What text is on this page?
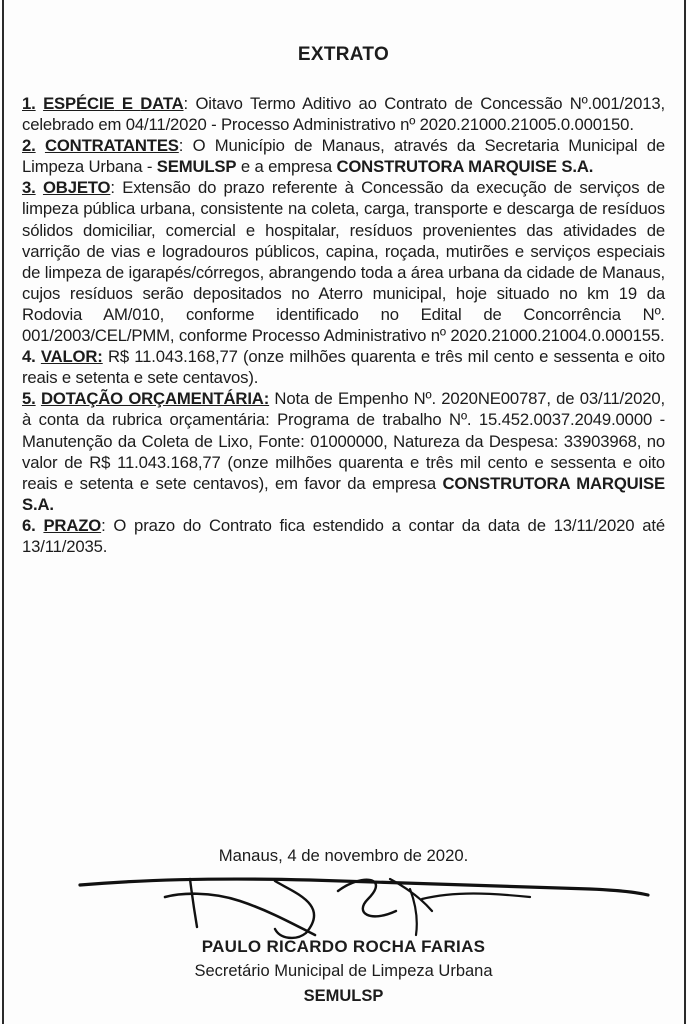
EXTRATO

1. ESPÉCIE E DATA: Oitavo Termo Aditivo ao Contrato de Concessão Nº.001/2013, celebrado em 04/11/2020 - Processo Administrativo nº 2020.21000.21005.0.000150.

2. CONTRATANTES: O Município de Manaus, através da Secretaria Municipal de Limpeza Urbana - SEMULSP e a empresa CONSTRUTORA MARQUISE S.A.

3. OBJETO: Extensão do prazo referente à Concessão da execução de serviços de limpeza pública urbana, consistente na coleta, carga, transporte e descarga de resíduos sólidos domiciliar, comercial e hospitalar, resíduos provenientes das atividades de varrição de vias e logradouros públicos, capina, roçada, mutirões e serviços especiais de limpeza de igarapés/córregos, abrangendo toda a área urbana da cidade de Manaus, cujos resíduos serão depositados no Aterro municipal, hoje situado no km 19 da Rodovia AM/010, conforme identificado no Edital de Concorrência Nº. 001/2003/CEL/PMM, conforme Processo Administrativo nº 2020.21000.21004.0.000155.

4. VALOR: R$ 11.043.168,77 (onze milhões quarenta e três mil cento e sessenta e oito reais e setenta e sete centavos).

5. DOTAÇÃO ORÇAMENTÁRIA: Nota de Empenho Nº. 2020NE00787, de 03/11/2020, à conta da rubrica orçamentária: Programa de trabalho Nº. 15.452.0037.2049.0000 - Manutenção da Coleta de Lixo, Fonte: 01000000, Natureza da Despesa: 33903968, no valor de R$ 11.043.168,77 (onze milhões quarenta e três mil cento e sessenta e oito reais e setenta e sete centavos), em favor da empresa CONSTRUTORA MARQUISE S.A.

6. PRAZO: O prazo do Contrato fica estendido a contar da data de 13/11/2020 até 13/11/2035.

Manaus, 4 de novembro de 2020.
PAULO RICARDO ROCHA FARIAS
Secretário Municipal de Limpeza Urbana
SEMULSP
